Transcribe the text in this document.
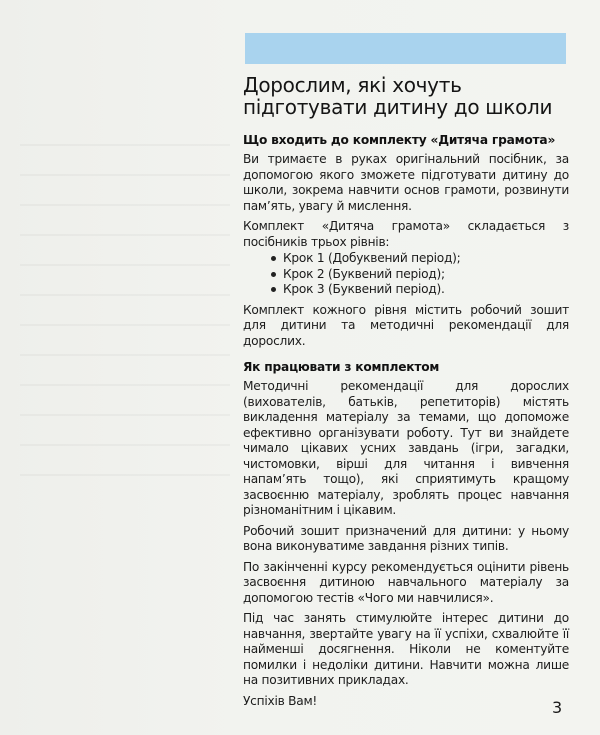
Дорослим, які хочуть
підготувати дитину до школи
Що входить до комплекту «Дитяча грамота»

Ви тримаєте в руках оригінальний посібник, за допомогою якого зможете підготувати дитину до школи, зокрема навчити основ грамоти, розвинути пам’ять, увагу й мислення.

Комплект «Дитяча грамота» складається з посібників трьох рівнів:

Крок 1 (Добуквений період);
Крок 2 (Буквений період);
Крок 3 (Буквений період).

Комплект кожного рівня містить робочий зошит для дитини та методичні рекомендації для дорослих.

Як працювати з комплектом

Методичні рекомендації для дорослих (вихователів, батьків, репетиторів) містять викладення матеріалу за темами, що допоможе ефективно організувати роботу. Тут ви знайдете чимало цікавих усних завдань (ігри, загадки, чистомовки, вірші для читання і вивчення напам’ять тощо), які сприятимуть кращому засвоєнню матеріалу, зроблять процес навчання різноманітним і цікавим.

Робочий зошит призначений для дитини: у ньому вона виконуватиме завдання різних типів.

По закінченні курсу рекомендується оцінити рівень засвоєння дитиною навчального матеріалу за допомогою тестів «Чого ми навчилися».

Під час занять стимулюйте інтерес дитини до навчання, звертайте увагу на її успіхи, схвалюйте її найменші досягнення. Ніколи не коментуйте помилки і недоліки дитини. Навчити можна лише на позитивних прикладах.

Успіхів Вам!	3
